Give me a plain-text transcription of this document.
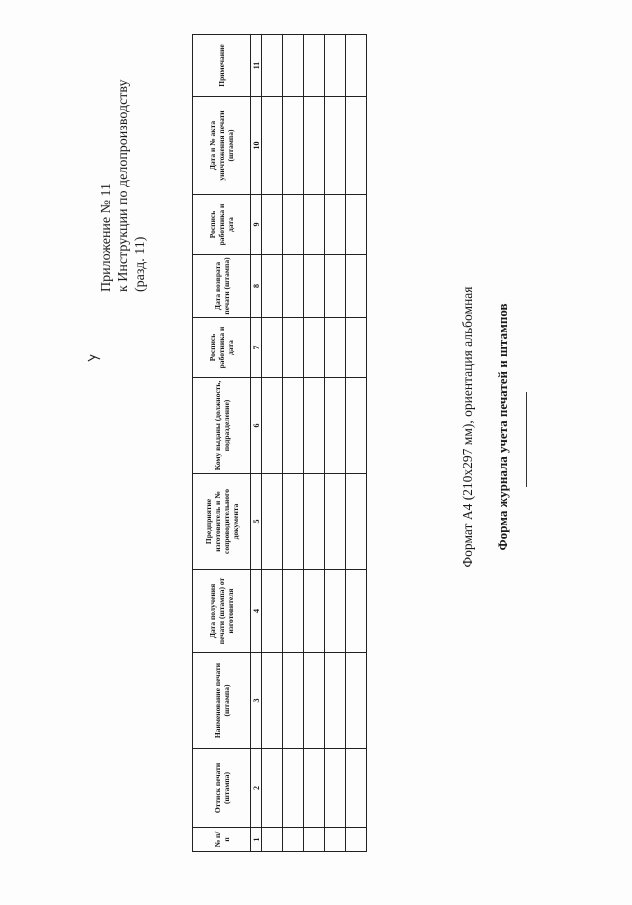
Приложение № 11 к Инструкции по делопроизводству (разд. 11)
№ п/п	Оттиск печати (штампа)	Наименование печати (штампа)	Дата получения печати (штампа) от изготовителя	Предприятие изготовитель и № сопроводительного документа	Кому выданы (должность, подразделение)	Роспись работника и дата	Дата возврата печати (штампа)	Роспись работника и дата	Дата и № акта уничтожения печати (штампа)	Примечание
1	2	3	4	5	6	7	8	9	10	11

Формат А4 (210х297 мм), ориентация альбомная Форма журнала учета печатей и штампов
